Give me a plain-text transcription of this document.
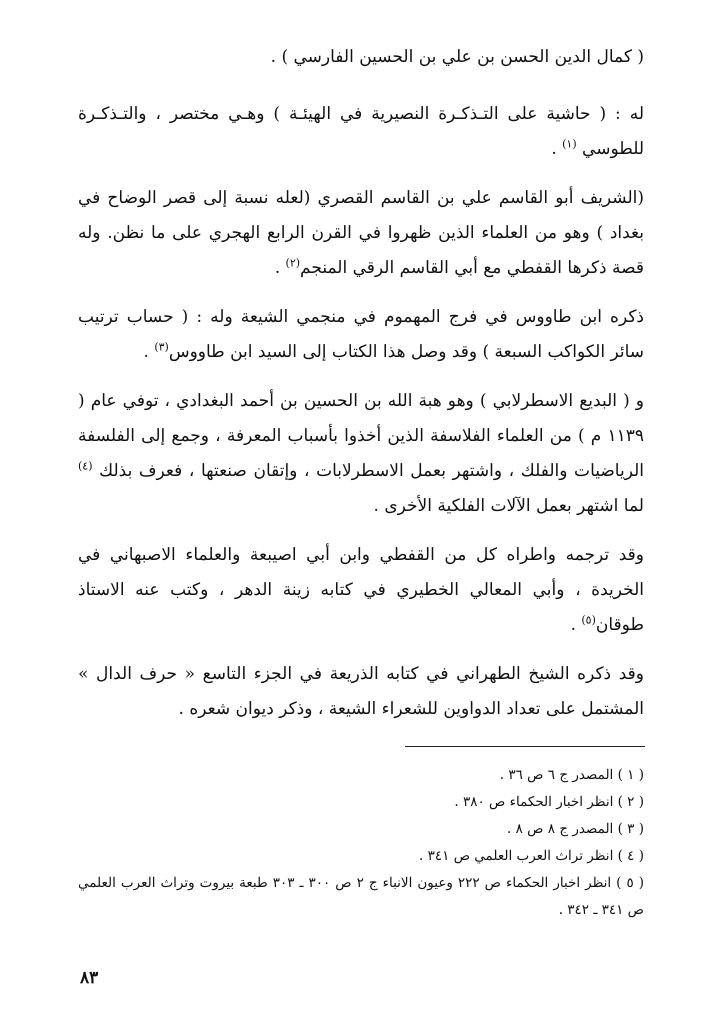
( كمال الدين الحسن بن علي بن الحسين الفارسي ) .

له : ( حاشية على التـذكـرة النصيرية في الهيئـة ) وهـي مختصر ، والتـذكـرة للطوسي $^{(١)}$ .

(الشريف أبو القاسم علي بن القاسم القصري (لعله نسبة إلى قصر الوضاح في بغداد ) وهو من العلماء الذين ظهروا في القرن الرابع الهجري على ما نظن. وله قصة ذكرها القفطي مع أبي القاسم الرقي المنجم$^{(٢)}$ .

ذكره ابن طاووس في فرج المهموم في منجمي الشيعة وله : ( حساب ترتيب سائر الكواكب السبعة ) وقد وصل هذا الكتاب إلى السيد ابن طاووس$^{(٣)}$ .

و ( البديع الاسطرلابي ) وهو هبة الله بن الحسين بن أحمد البغدادي ، توفي عام ( ١١٣٩ م ) من العلماء الفلاسفة الذين أخذوا بأسباب المعرفة ، وجمع إلى الفلسفة الرياضيات والفلك ، واشتهر بعمل الاسطرلابات ، وإتقان صنعتها ، فعرف بذلك $^{(٤)}$ لما اشتهر بعمل الآلات الفلكية الأخرى .

وقد ترجمه واطراه كل من القفطي وابن أبي اصيبعة والعلماء الاصبهاني في الخريدة ، وأبي المعالي الخطيري في كتابه زينة الدهر ، وكتب عنه الاستاذ طوقان$^{(٥)}$ .

وقد ذكره الشيخ الطهراني في كتابه الذريعة في الجزء التاسع « حرف الدال » المشتمل على تعداد الدواوين للشعراء الشيعة ، وذكر ديوان شعره .

( ١ ) المصدر ج ٦ ص ٣٦ .

( ٢ ) انظر اخبار الحكماء ص ٣٨٠ .

( ٣ ) المصدر ج ٨ ص ٨ .

( ٤ ) انظر تراث العرب العلمي ص ٣٤١ .

( ٥ ) انظر اخبار الحكماء ص ٢٢٢ وعيون الانباء ج ٢ ص ٣٠٠ ـ ٣٠٣ طبعة بيروت وتراث العرب العلمي ص ٣٤١ ـ ٣٤٢ .

٨٣
